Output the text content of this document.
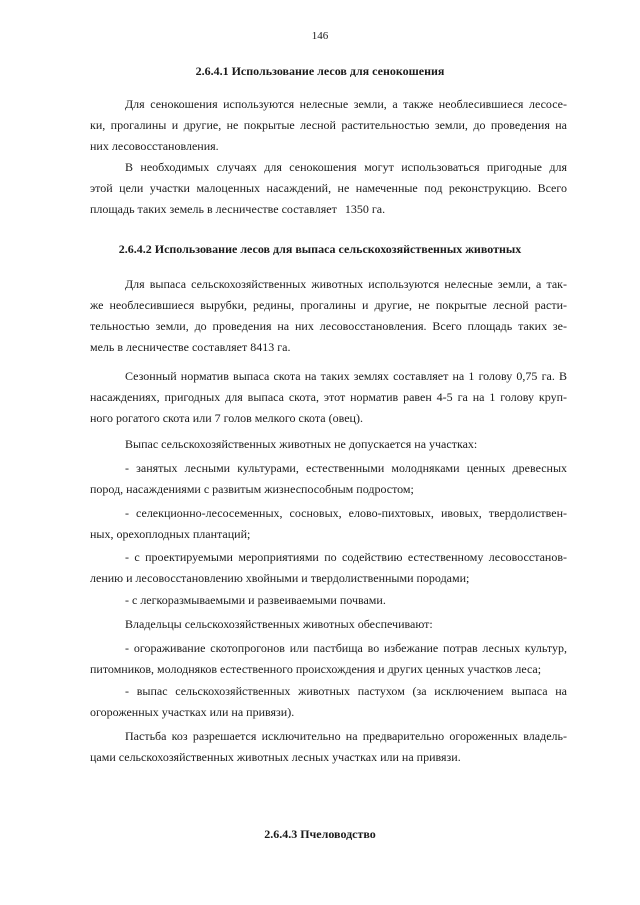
146
2.6.4.1 Использование лесов для сенокошения
Для сенокошения используются нелесные земли, а также необлесившиеся лесосе-
ки, прогалины и другие, не покрытые лесной растительностью земли, до проведения на
них лесовосстановления.
В необходимых случаях для сенокошения могут использоваться пригодные для
этой цели участки малоценных насаждений, не намеченные под реконструкцию. Всего
площадь таких земель в лесничестве составляет 1350 га.
2.6.4.2 Использование лесов для выпаса сельскохозяйственных животных
Для выпаса сельскохозяйственных животных используются нелесные земли, а так-
же необлесившиеся вырубки, редины, прогалины и другие, не покрытые лесной расти-
тельностью земли, до проведения на них лесовосстановления. Всего площадь таких зе-
мель в лесничестве составляет 8413 га.
Сезонный норматив выпаса скота на таких землях составляет на 1 голову 0,75 га. В
насаждениях, пригодных для выпаса скота, этот норматив равен 4-5 га на 1 голову круп-
ного рогатого скота или 7 голов мелкого скота (овец).
Выпас сельскохозяйственных животных не допускается на участках:
- занятых лесными культурами, естественными молодняками ценных древесных
пород, насаждениями с развитым жизнеспособным подростом;
- селекционно-лесосеменных, сосновых, елово-пихтовых, ивовых, твердолиствен-
ных, орехоплодных плантаций;
- с проектируемыми мероприятиями по содействию естественному лесовосстанов-
лению и лесовосстановлению хвойными и твердолиственными породами;
- с легкоразмываемыми и развеиваемыми почвами.
Владельцы сельскохозяйственных животных обеспечивают:
- огораживание скотопрогонов или пастбища во избежание потрав лесных культур,
питомников, молодняков естественного происхождения и других ценных участков леса;
- выпас сельскохозяйственных животных пастухом (за исключением выпаса на
огороженных участках или на привязи).
Пастьба коз разрешается исключительно на предварительно огороженных владель-
цами сельскохозяйственных животных лесных участках или на привязи.
2.6.4.3 Пчеловодство
